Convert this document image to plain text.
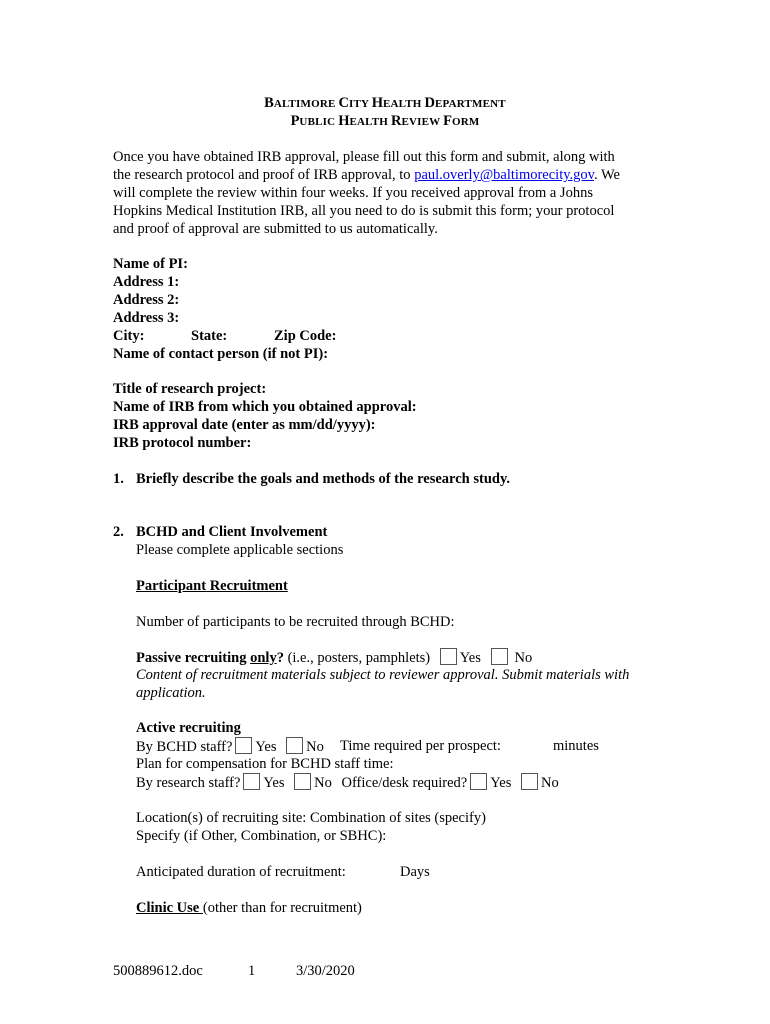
BALTIMORE CITY HEALTH DEPARTMENT
PUBLIC HEALTH REVIEW FORM
Once you have obtained IRB approval, please fill out this form and submit, along with
the research protocol and proof of IRB approval, to paul.overly@baltimorecity.gov. We
will complete the review within four weeks. If you received approval from a Johns
Hopkins Medical Institution IRB, all you need to do is submit this form; your protocol
and proof of approval are submitted to us automatically.
Name of PI:
Address 1:
Address 2:
Address 3:
City:	State:	Zip Code:
Name of contact person (if not PI):
Title of research project:
Name of IRB from which you obtained approval:
IRB approval date (enter as mm/dd/yyyy):
IRB protocol number:
1. Briefly describe the goals and methods of the research study.
2. BCHD and Client Involvement
Please complete applicable sections
Participant Recruitment
Number of participants to be recruited through BCHD:
Passive recruiting only? (i.e., posters, pamphlets) Yes No
Content of recruitment materials subject to reviewer approval. Submit materials with
application.
Active recruiting
By BCHD staff? Yes No Time required per prospect:	minutes
Plan for compensation for BCHD staff time:
By research staff? Yes No Office/desk required? Yes No
Location(s) of recruiting site: Combination of sites (specify)
Specify (if Other, Combination, or SBHC):
Anticipated duration of recruitment:	Days
Clinic Use (other than for recruitment)
500889612.doc	1	3/30/2020
